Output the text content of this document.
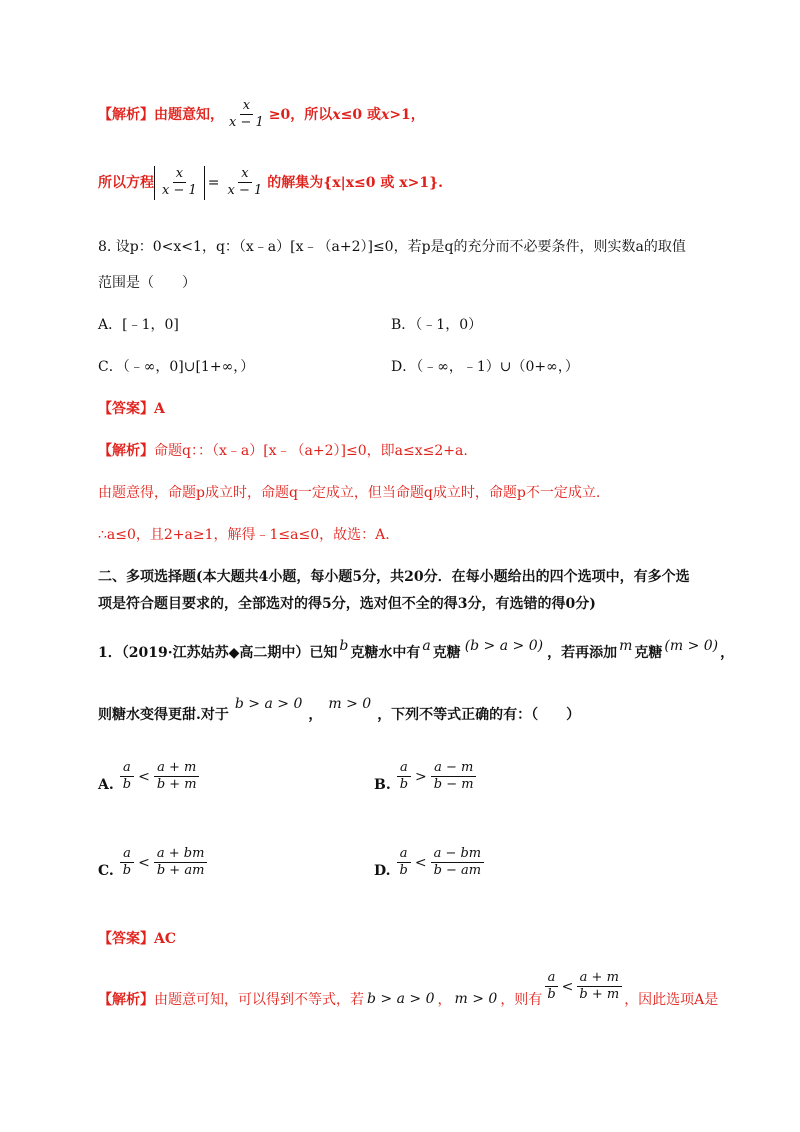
【解析】由题意知， $\frac{x}{x - 1} \ge 0$，所以x≤0 或x>1，
所以方程 $\frac{x}{x - 1} = \frac{x}{x - 1}$ 的解集为{x|x≤0 或 x>1}.
8. 设p：0<x<1，q：（x﹣a）[x﹣（a+2）]≤0，若p是q的充分而不必要条件，则实数a的取值
范围是（　　）
A．[﹣1，0]	B．（﹣1，0）
C．（﹣∞，0]∪[1+∞，）	D．（﹣∞，﹣1）∪（0+∞，）
【答案】A
【解析】命题q：：（x﹣a）[x﹣（a+2）]≤0，即a≤x≤2+a.
由题意得，命题p成立时，命题q一定成立，但当命题q成立时，命题p不一定成立.
∴a≤0，且2+a≥1，解得﹣1≤a≤0，故选：A.
二、多项选择题(本大题共4小题，每小题5分，共20分．在每小题给出的四个选项中，有多个选
项是符合题目要求的，全部选对的得5分，选对但不全的得3分，有选错的得0分)
1．（2019·江苏姑苏◆高二期中）已知 b 克糖水中有 a 克糖 (b > a > 0) ，若再添加 m 克糖 (m > 0) ，
则糖水变得更甜.对于
b > a > 0
，
m > 0
，下列不等式正确的有：（　　）
A. $\frac{a}{b} < \frac{a + m}{b + m}$	B. $\frac{a}{b} > \frac{a - m}{b - m}$
C. $\frac{a}{b} < \frac{a + bm}{b + am}$	D. $\frac{a}{b} < \frac{a - bm}{b - am}$
【答案】AC
【解析】 由题意可知，可以得到不等式，若 b > a > 0 ， m > 0 ，则有 $\frac{a}{b} < \frac{a + m}{b + m}$ ，因此选项A是
